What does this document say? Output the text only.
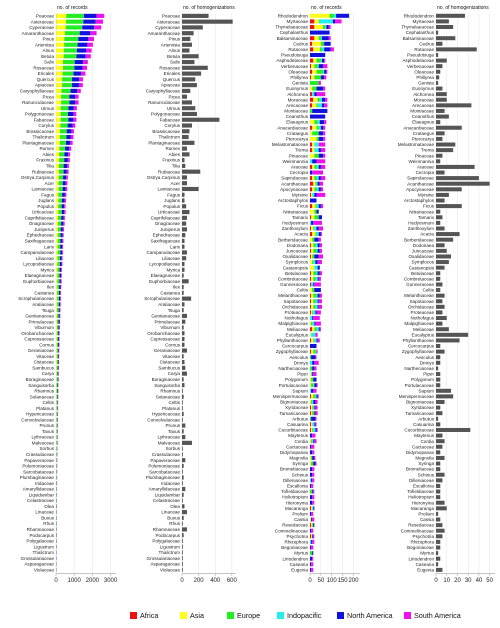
no. of records
Poaceae
Asteraceae
Cyperaceae
Amaranthaceae
Pinus
Artemisia
Alnus
Betula
Salix
Rosaceae
Ericales
Quercus
Apiaceae
Caryophyllaceae
Picea
Ranunculaceae
Ulmus
Polygonaceae
Fabaceae
Corylus
Brassicaceae
Thalictrum
Plantaginaceae
Rumex
Abies
Fraxinus
Tilia
Rubiaceae
Ostrya.Carpinus
Acer
Lamiaceae
Fagus
Juglans
Populus
Urticaceae
Caprifoliaceae
Onagraceae
Juniperus
Ephedraceae
Saxifragaceae
Larix
Campanulaceae
Liliaceae
Lycopodiaceae
Myrica
Elaeagnaceae
Euphorbiaceae
Ilex
Castanea
Scrophulariaceae
Araliaceae
Tsuga
Gentianaceae
Primulaceae
Viburnum
Orobanchaceae
Cupressaceae
Cornus
Geraniaceae
Vitaceae
Cistaceae
Sambucus
Carya
Boraginaceae
Sanguisorba
Rhamnus
Solanaceae
Celtis
Platanus
Hypericaceae
Convolvulaceae
Prunus
Taxus
Lythraceae
Malvaceae
Sorbus
Crassulaceae
Papaveraceae
Polemoniaceae
Sarcobataceae
Plumbaginaceae
Iridaceae
Amaryllidaceae
Liquidambar
Celastraceae
Olea
Linaceae
Buxus
Rhus
Rhamnaceae
Podocarpus
Polygalaceae
Ligustrum
Thalictrum
Grossulariaceae
Asparagaceae
Violaceae
0 1000 2000 3000
no. of homogenizations
Poaceae
Asteraceae
Cyperaceae
Amaranthaceae
Pinus
Artemisia
Alnus
Betula
Salix
Rosaceae
Ericales
Quercus
Apiaceae
Caryophyllaceae
Picea
Ranunculaceae
Ulmus
Polygonaceae
Fabaceae
Corylus
Brassicaceae
Thalictrum
Plantaginaceae
Rumex
Abies
Fraxinus
Tilia
Rubiaceae
Ostrya.Carpinus
Acer
Lamiaceae
Fagus
Juglans
Populus
Urticaceae
Caprifoliaceae
Onagraceae
Juniperus
Ephedraceae
Saxifragaceae
Larix
Campanulaceae
Liliaceae
Lycopodiaceae
Myrica
Elaeagnaceae
Euphorbiaceae
Ilex
Castanea
Scrophulariaceae
Araliaceae
Tsuga
Gentianaceae
Primulaceae
Viburnum
Orobanchaceae
Cupressaceae
Cornus
Geraniaceae
Vitaceae
Cistaceae
Sambucus
Carya
Boraginaceae
Sanguisorba
Rhamnus
Solanaceae
Celtis
Platanus
Hypericaceae
Convolvulaceae
Prunus
Taxus
Lythraceae
Malvaceae
Sorbus
Crassulaceae
Papaveraceae
Polemoniaceae
Sarcobataceae
Plumbaginaceae
Iridaceae
Amaryllidaceae
Liquidambar
Celastraceae
Olea
Linaceae
Buxus
Rhus
Rhamnaceae
Podocarpus
Polygalaceae
Ligustrum
Thalictrum
Grossulariaceae
Asparagaceae
Violaceae
0 200 400 600
no. of records
Rhododendron
Myrtaceae
Thymelaeaceae
Cephalanthus
Balsaminaceae
Cedrus
Rutaceae
Pseudotsuga
Asphodelaceae
Verbenaceae
Oleaceae
Phillyrea
Genista
Euonymus
Alchornea
Moraceae
Arecaceae
Montiaceae
Ceanothus
Elaeagnus
Anacardiaceae
Crataegus
Pterocarya
Melastomataceae
Trema
Pinaceae
Weinmannia
Araceae
Cecropia
Sapindaceae
Acanthaceae
Apocynaceae
Myrsine
Arctostaphylos
Ficus
Nitrariaceae
Tamarix
Hedyosmum
Zanthoxylum
Acacia
Berberidaceae
Dodonaea
Juncaceae
Oxalidaceae
Symplocos
Castanopsis
Betulaceae
Combretaceae
Gunneraceae
Celtis
Melanthiaceae
Sapotaceae
Orchidaceae
Proteaceae
Nothofagus
Malpighiaceae
Meliaceae
Eucalyptus
Phyllanthaceae
Cercocarpus
Zygophyllaceae
Aesculus
Drimys
Nartheciaceae
Piper
Polygonum
Portulacaceae
Sapium
Menispermaceae
Bignoniaceae
Xyridaceae
Tamaricaceae
Arbutus
Casuarina
Cucurbitaceae
Maytenus
Cordia
Cactaceae
Didymopanax
Magnolia
Syringa
Bromeliaceae
Schinus
Dilleniaceae
Escallonia
Tofieldiaceae
Heliotropium
Hieronyma
Macaranga
Prolium
Cassia
Resedaceae
Commelinaceae
Psychotria
Rhizophora
Begoniaceae
Myrtus
Liriodendron
Casearia
Eugenia
0 50 100 150 200
no. of homogenizations
Rhododendron
Myrtaceae
Thymelaeaceae
Cephalanthus
Balsaminaceae
Cedrus
Rutaceae
Pseudotsuga
Asphodelaceae
Verbenaceae
Oleaceae
Phillyrea
Genista
Euonymus
Alchornea
Moraceae
Arecaceae
Montiaceae
Ceanothus
Elaeagnus
Anacardiaceae
Crataegus
Pterocarya
Melastomataceae
Trema
Pinaceae
Weinmannia
Araceae
Cecropia
Sapindaceae
Acanthaceae
Apocynaceae
Myrsine
Arctostaphylos
Ficus
Nitrariaceae
Tamarix
Hedyosmum
Zanthoxylum
Acacia
Berberidaceae
Dodonaea
Juncaceae
Oxalidaceae
Symplocos
Castanopsis
Betulaceae
Combretaceae
Gunneraceae
Celtis
Melanthiaceae
Sapotaceae
Orchidaceae
Proteaceae
Nothofagus
Malpighiaceae
Meliaceae
Eucalyptus
Phyllanthaceae
Cercocarpus
Zygophyllaceae
Aesculus
Drimys
Nartheciaceae
Piper
Polygonum
Portulacaceae
Sapium
Menispermaceae
Bignoniaceae
Xyridaceae
Tamaricaceae
Arbutus
Casuarina
Cucurbitaceae
Maytenus
Cordia
Cactaceae
Didymopanax
Magnolia
Syringa
Bromeliaceae
Schinus
Dilleniaceae
Escallonia
Tofieldiaceae
Heliotropium
Hieronyma
Macaranga
Prolium
Cassia
Resedaceae
Commelinaceae
Psychotria
Rhizophora
Begoniaceae
Myrtus
Liriodendron
Casearia
Eugenia
0 10 20 30 40 50
Africa	Asia	Europe	Indopacific	North America	South America
